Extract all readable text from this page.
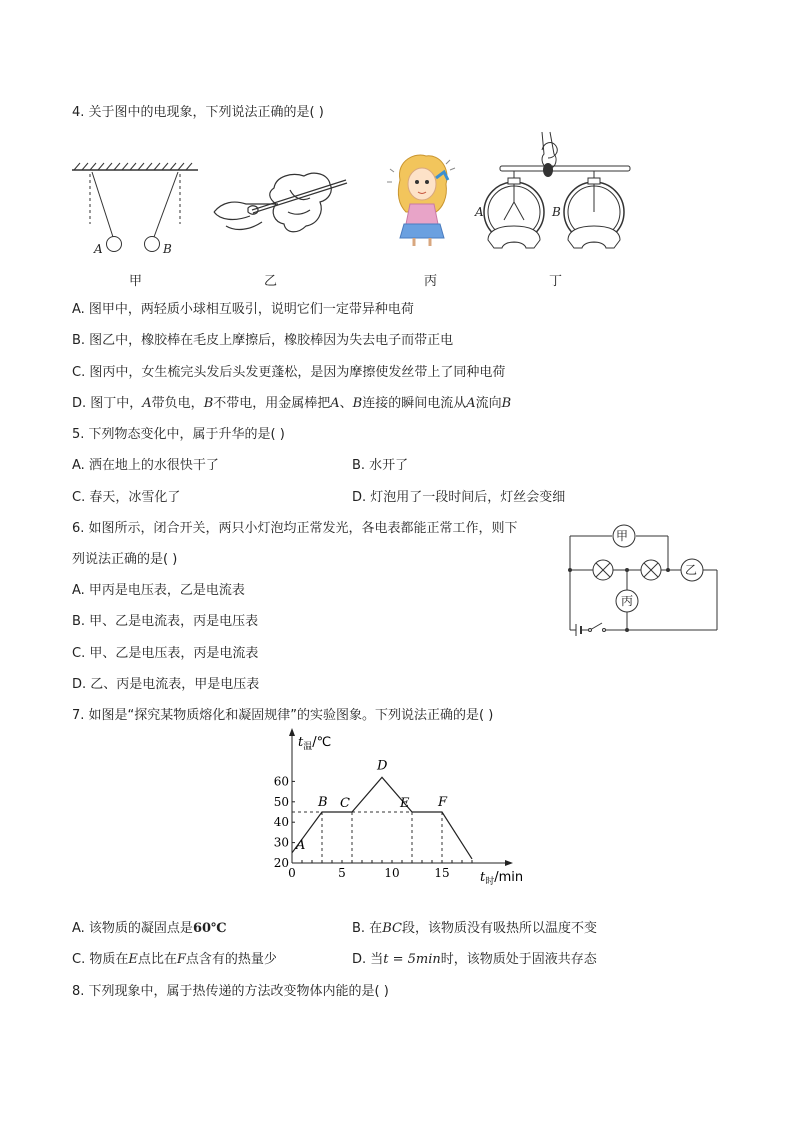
4. 关于图中的电现象，下列说法正确的是( )
A	B
甲	乙	丙
A	B
丁
A. 图甲中，两轻质小球相互吸引，说明它们一定带异种电荷
B. 图乙中，橡胶棒在毛皮上摩擦后，橡胶棒因为失去电子而带正电
C. 图丙中，女生梳完头发后头发更蓬松，是因为摩擦使发丝带上了同种电荷
D. 图丁中，A带负电，B不带电，用金属棒把A、B连接的瞬间电流从A流向B
5. 下列物态变化中，属于升华的是( )
A. 洒在地上的水很快干了	B. 水开了
C. 春天，冰雪化了	D. 灯泡用了一段时间后，灯丝会变细
6. 如图所示，闭合开关，两只小灯泡均正常发光，各电表都能正常工作，则下
列说法正确的是( )
A. 甲丙是电压表，乙是电流表
B. 甲、乙是电流表，丙是电压表
C. 甲、乙是电压表，丙是电流表
D. 乙、丙是电流表，甲是电压表
甲
乙
丙
7. 如图是“探究某物质熔化和凝固规律”的实验图象。下列说法正确的是( )
0	5	10	15
20
30
40
50
60
A
B C
D
E F
$t_温/℃$
$t_时/\min$
A. 该物质的凝固点是60℃	B. 在BC段，该物质没有吸热所以温度不变
C. 物质在E点比在F点含有的热量少	D. 当t = 5min时，该物质处于固液共存态
8. 下列现象中，属于热传递的方法改变物体内能的是( )
